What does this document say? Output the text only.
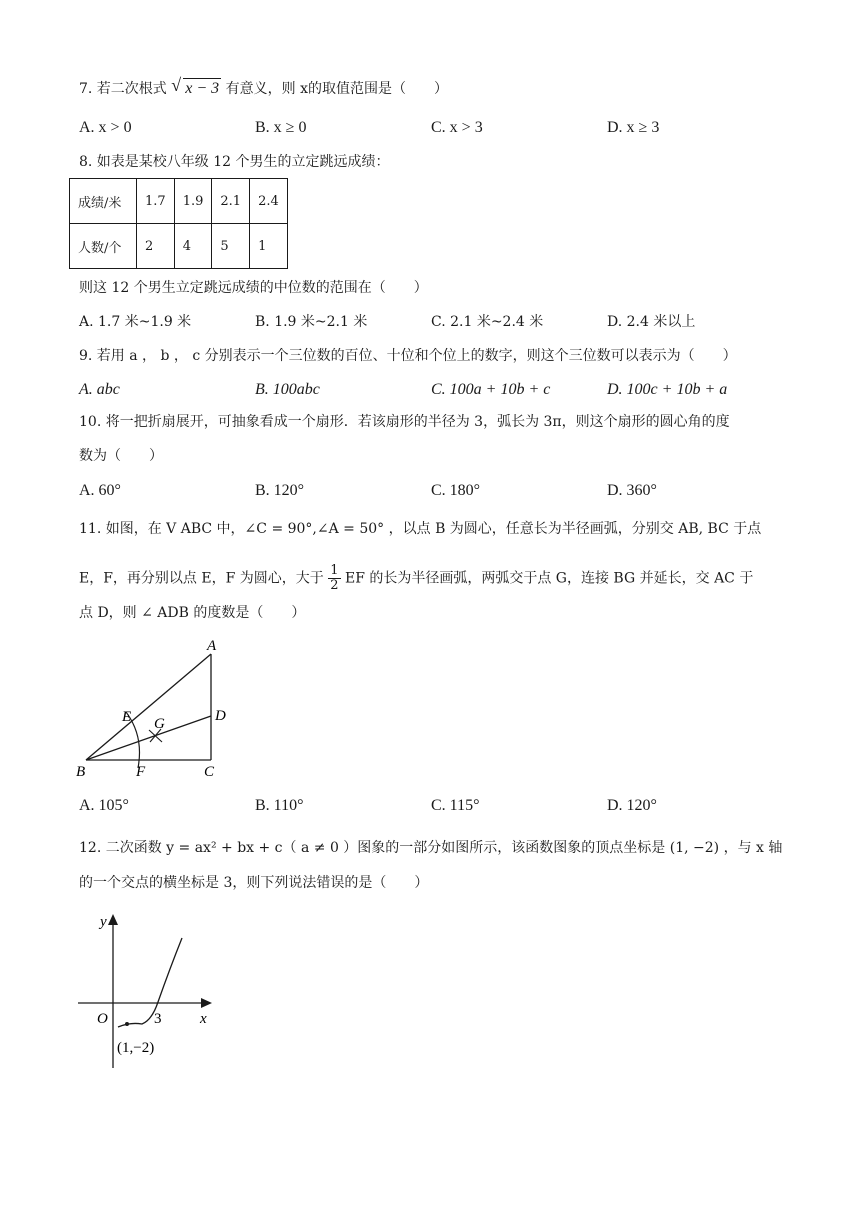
7. 若二次根式 √ x − 3 有意义，则 x的取值范围是（　　）
A. x > 0	B. x ≥ 0	C. x > 3	D. x ≥ 3
8. 如表是某校八年级 12 个男生的立定跳远成绩：
成绩/米	1.7	1.9	2.1	2.4
人数/个	2	4	5	1
则这 12 个男生立定跳远成绩的中位数的范围在（　　）
A. 1.7 米~1.9 米	B. 1.9 米~2.1 米	C. 2.1 米~2.4 米	D. 2.4 米以上
9. 若用 a ， b ， c 分别表示一个三位数的百位、十位和个位上的数字，则这个三位数可以表示为（　　）
A. abc	B. 100abc	C. 100a + 10b + c	D. 100c + 10b + a
10. 将一把折扇展开，可抽象看成一个扇形．若该扇形的半径为 3，弧长为 3π，则这个扇形的圆心角的度
数为（　　）
A. 60°	B. 120°	C. 180°	D. 360°
11. 如图，在 V ABC 中，∠C = 90°,∠A = 50° ，以点 B 为圆心，任意长为半径画弧，分别交 AB, BC 于点
E，F，再分别以点 E，F 为圆心，大于 $\frac{1}{2}$ EF 的长为半径画弧，两弧交于点 G，连接 BG 并延长，交 AC 于
点 D，则 ∠ ADB 的度数是（　　）
A
B	C
D
E
F
G
A. 105°	B. 110°	C. 115°	D. 120°
12. 二次函数 y = ax² + bx + c（ a ≠ 0 ）图象的一部分如图所示，该函数图象的顶点坐标是 (1, −2) ，与 x 轴
的一个交点的横坐标是 3，则下列说法错误的是（　　）
y
x
O	3
(1,−2)
